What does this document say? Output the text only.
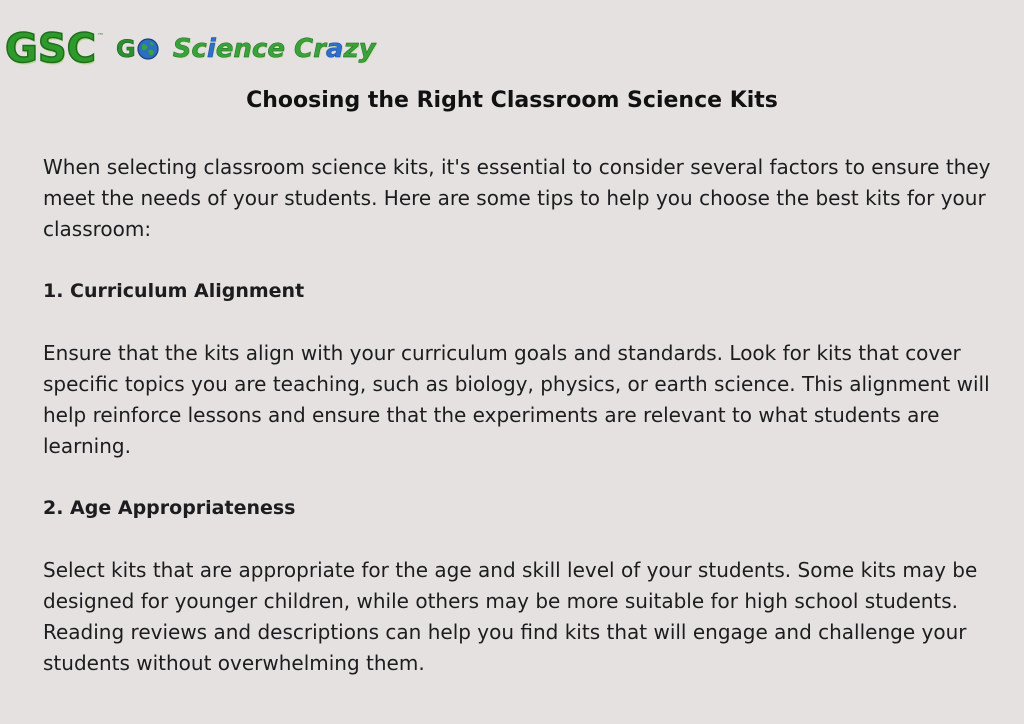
GSC ™ G Science Crazy
Choosing the Right Classroom Science Kits

When selecting classroom science kits, it's essential to consider several factors to ensure they meet the needs of your students. Here are some tips to help you choose the best kits for your classroom:

1. Curriculum Alignment

Ensure that the kits align with your curriculum goals and standards. Look for kits that cover specific topics you are teaching, such as biology, physics, or earth science. This alignment will help reinforce lessons and ensure that the experiments are relevant to what students are learning.

2. Age Appropriateness

Select kits that are appropriate for the age and skill level of your students. Some kits may be designed for younger children, while others may be more suitable for high school students. Reading reviews and descriptions can help you find kits that will engage and challenge your students without overwhelming them.
